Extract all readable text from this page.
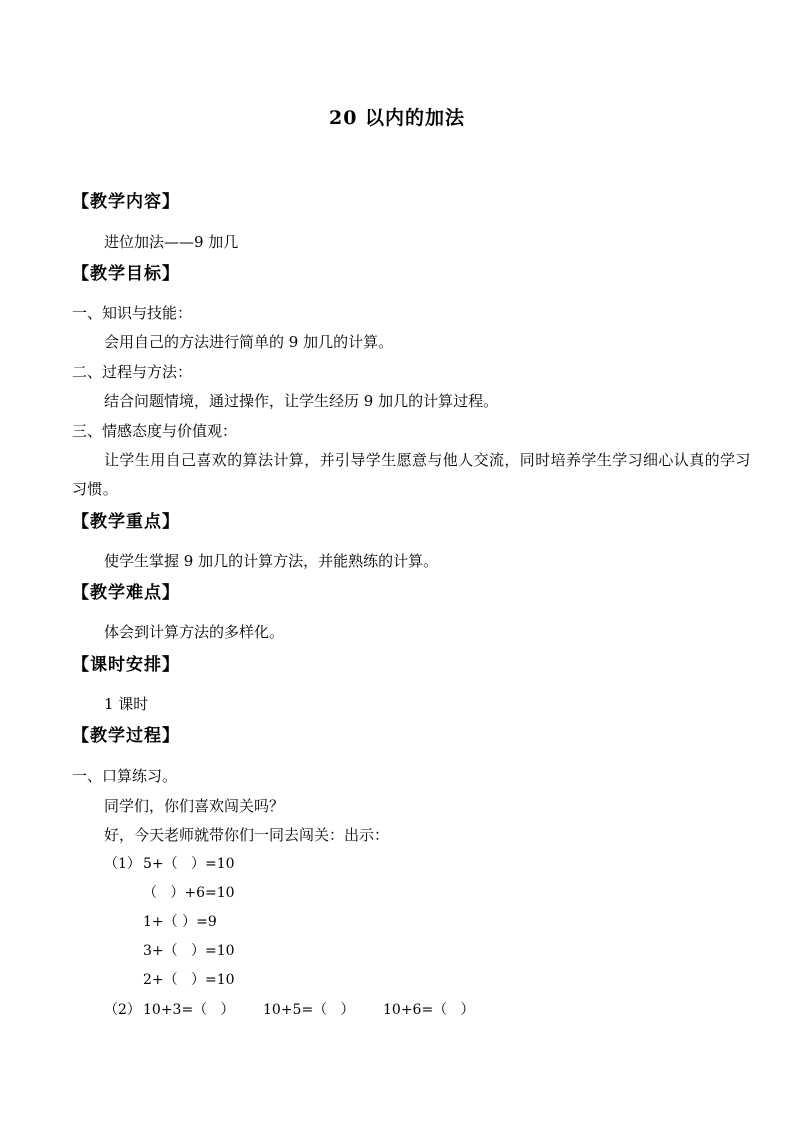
20 以内的加法
【教学内容】
进位加法——9 加几
【教学目标】
一、知识与技能：
会用自己的方法进行简单的 9 加几的计算。
二、过程与方法：
结合问题情境，通过操作，让学生经历 9 加几的计算过程。
三、情感态度与价值观：
让学生用自己喜欢的算法计算，并引导学生愿意与他人交流，同时培养学生学习细心认真的学习习惯。
【教学重点】
使学生掌握 9 加几的计算方法，并能熟练的计算。
【教学难点】
体会到计算方法的多样化。
【课时安排】
1 课时
【教学过程】
一、口算练习。
同学们，你们喜欢闯关吗？
好，今天老师就带你们一同去闯关：出示：
（1） 5+（   ）=10
（   ）+6=10
1+（ ）=9
3+（   ）=10
2+（   ）=10
（2） 10+3=（   ） 10+5=（   ） 10+6=（   ）
